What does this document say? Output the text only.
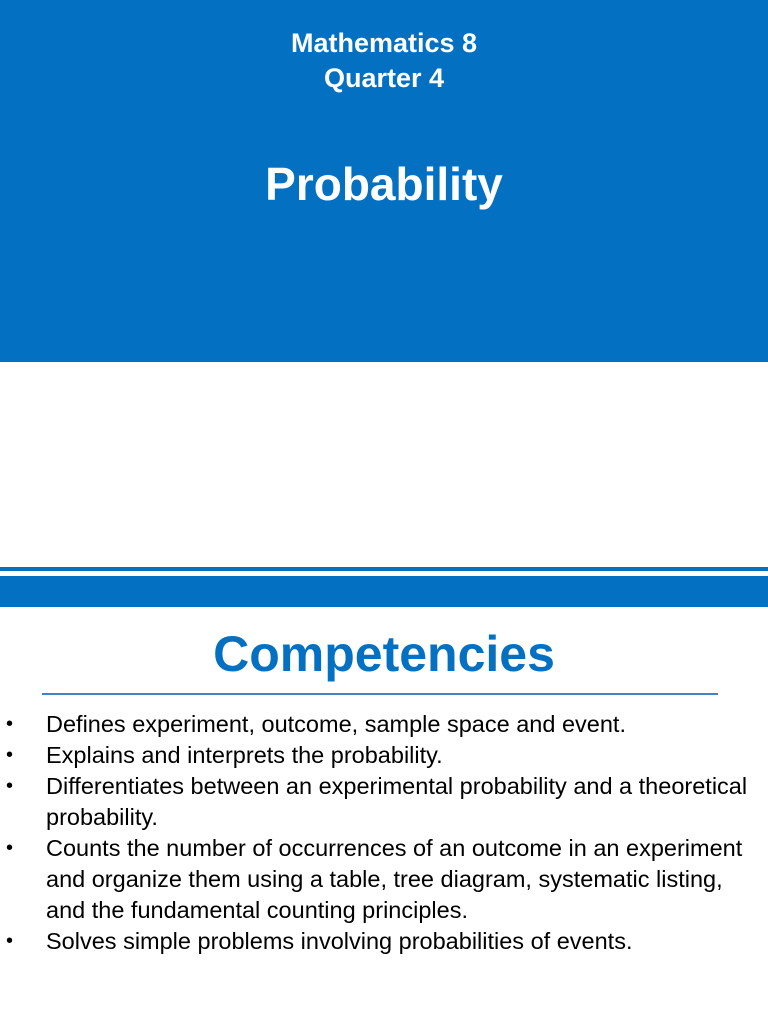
Mathematics 8
Quarter 4
Probability
Competencies
• Defines experiment, outcome, sample space and event.
• Explains and interprets the probability.
• Differentiates between an experimental probability and a theoretical probability.
• Counts the number of occurrences of an outcome in an experiment and organize them using a table, tree diagram, systematic listing, and the fundamental counting principles.
• Solves simple problems involving probabilities of events.
